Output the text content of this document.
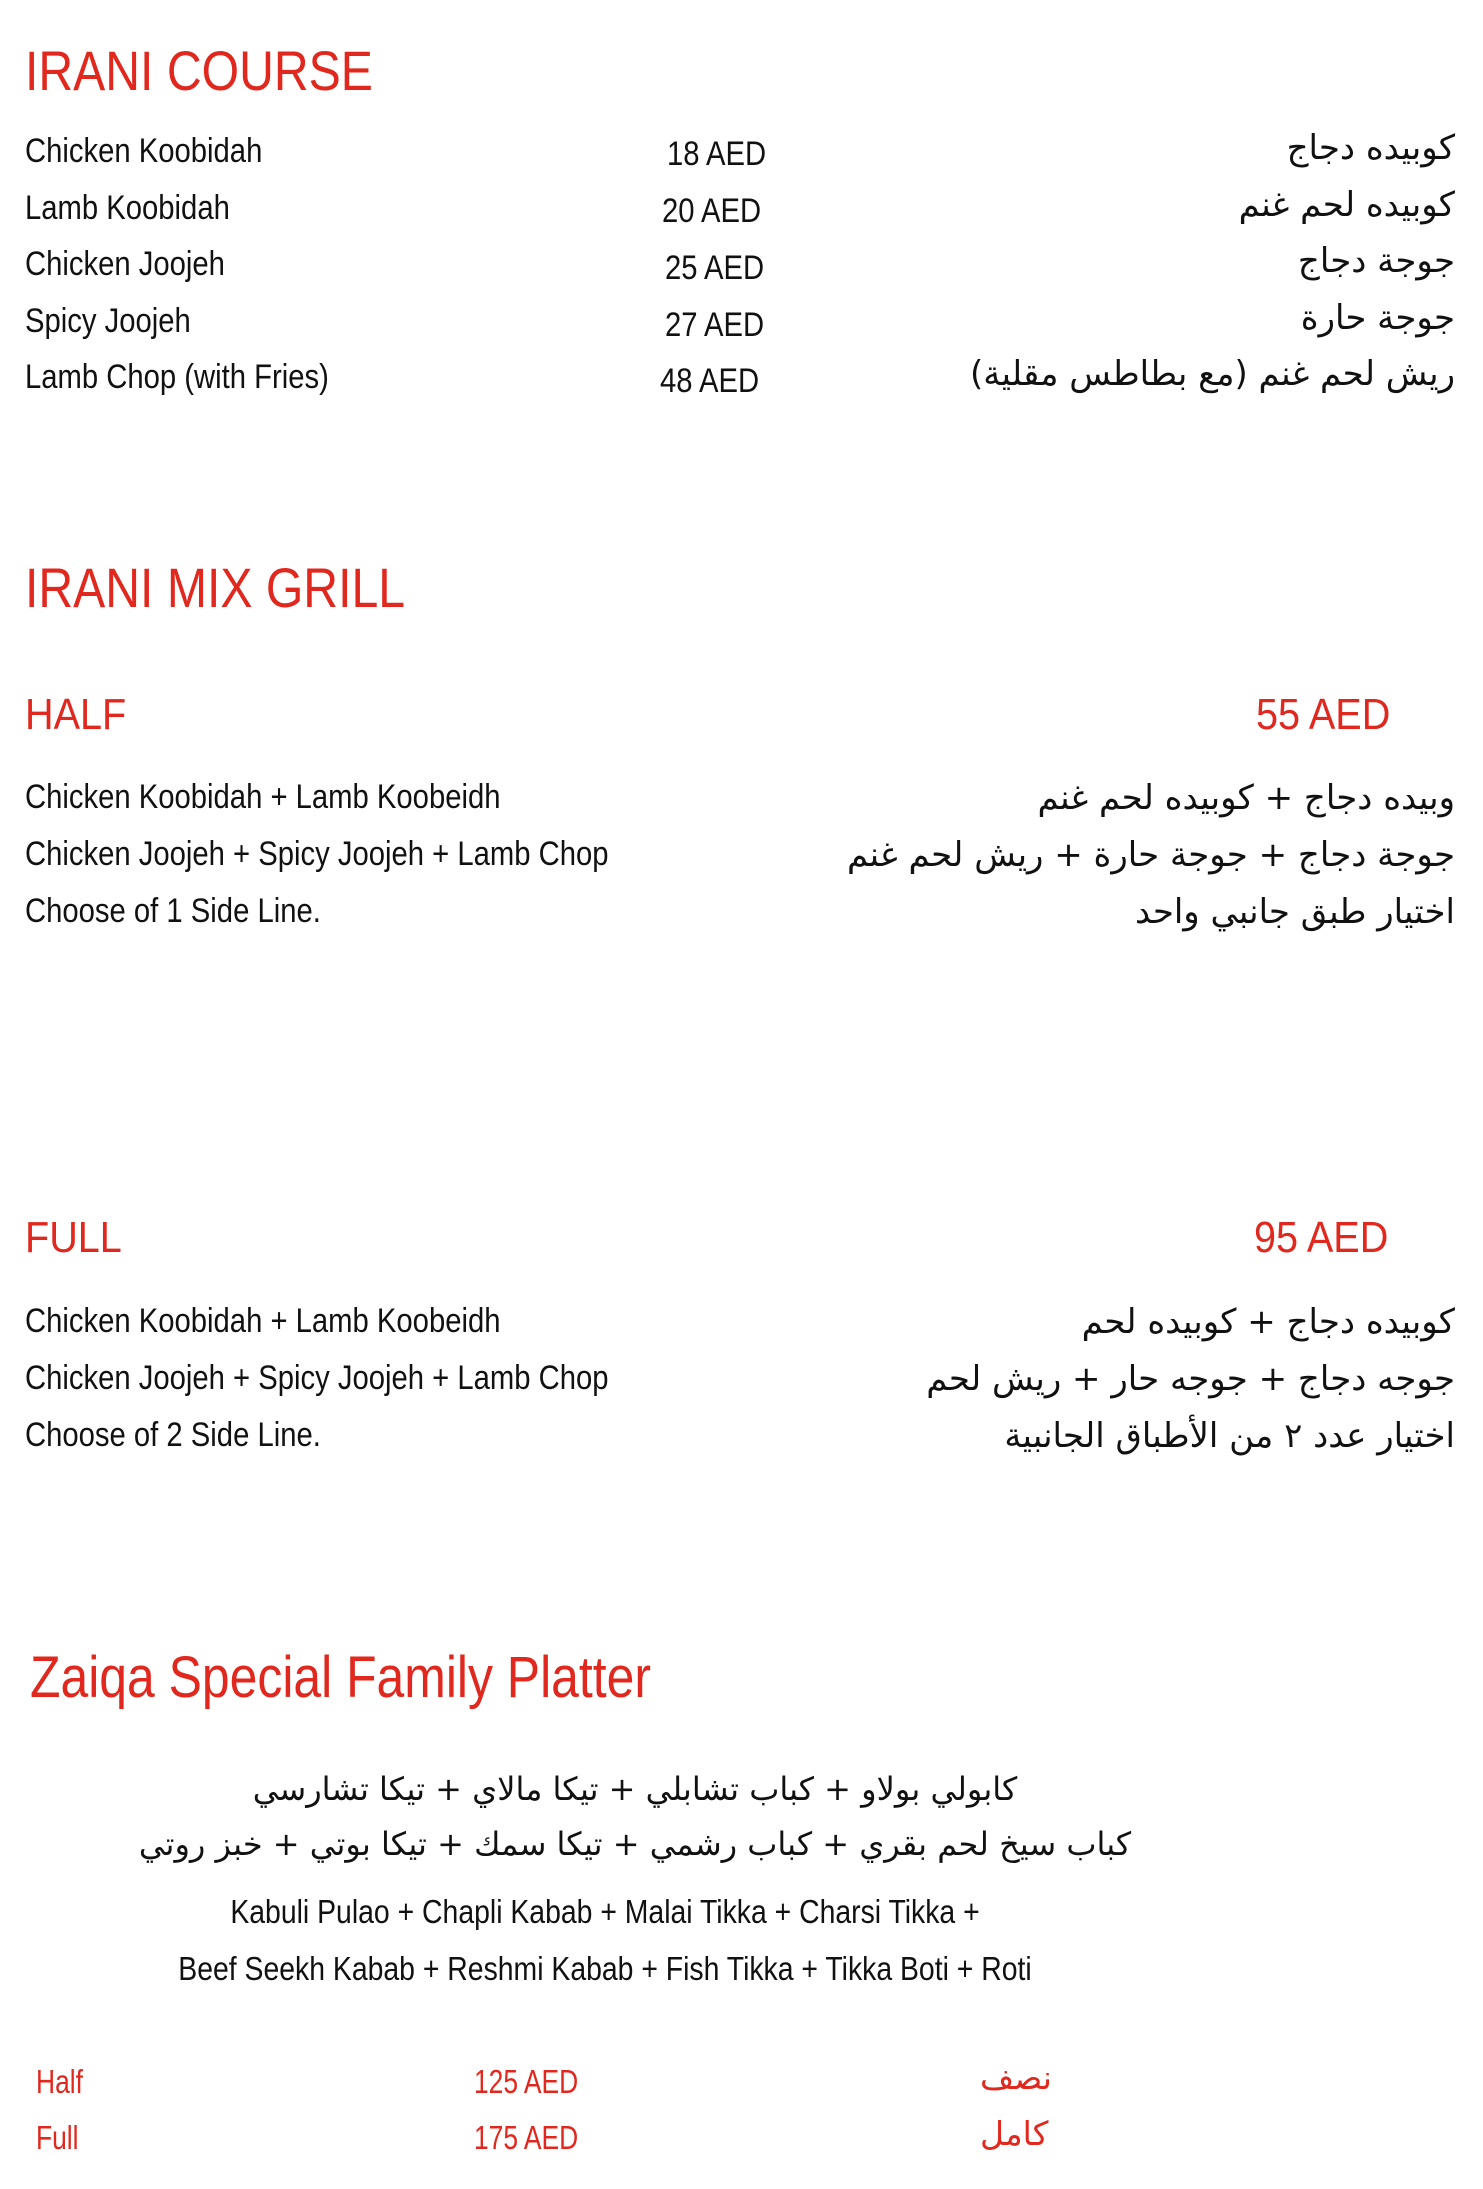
IRANI COURSE
Chicken Koobidah	18 AED	كوبيده دجاج
Lamb Koobidah	20 AED	كوبيده لحم غنم
Chicken Joojeh	25 AED	جوجة دجاج
Spicy Joojeh	27 AED	جوجة حارة
Lamb Chop (with Fries)	48 AED	ريش لحم غنم (مع بطاطس مقلية)
IRANI MIX GRILL
HALF	55 AED
Chicken Koobidah + Lamb Koobeidh
Chicken Joojeh + Spicy Joojeh + Lamb Chop
Choose of 1 Side Line.
وبيده دجاج + كوبيده لحم غنم
جوجة دجاج + جوجة حارة + ريش لحم غنم
اختيار طبق جانبي واحد
FULL	95 AED
Chicken Koobidah + Lamb Koobeidh
Chicken Joojeh + Spicy Joojeh + Lamb Chop
Choose of 2 Side Line.
كوبيده دجاج + كوبيده لحم
جوجه دجاج + جوجه حار + ريش لحم
اختيار عدد ٢ من الأطباق الجانبية
Zaiqa Special Family Platter
كابولي بولاو + كباب تشابلي + تيكا مالاي + تيكا تشارسي
كباب سيخ لحم بقري + كباب رشمي + تيكا سمك + تيكا بوتي + خبز روتي
Kabuli Pulao + Chapli Kabab + Malai Tikka + Charsi Tikka +
Beef Seekh Kabab + Reshmi Kabab + Fish Tikka + Tikka Boti + Roti
Half	125 AED	نصف
Full	175 AED	كامل
